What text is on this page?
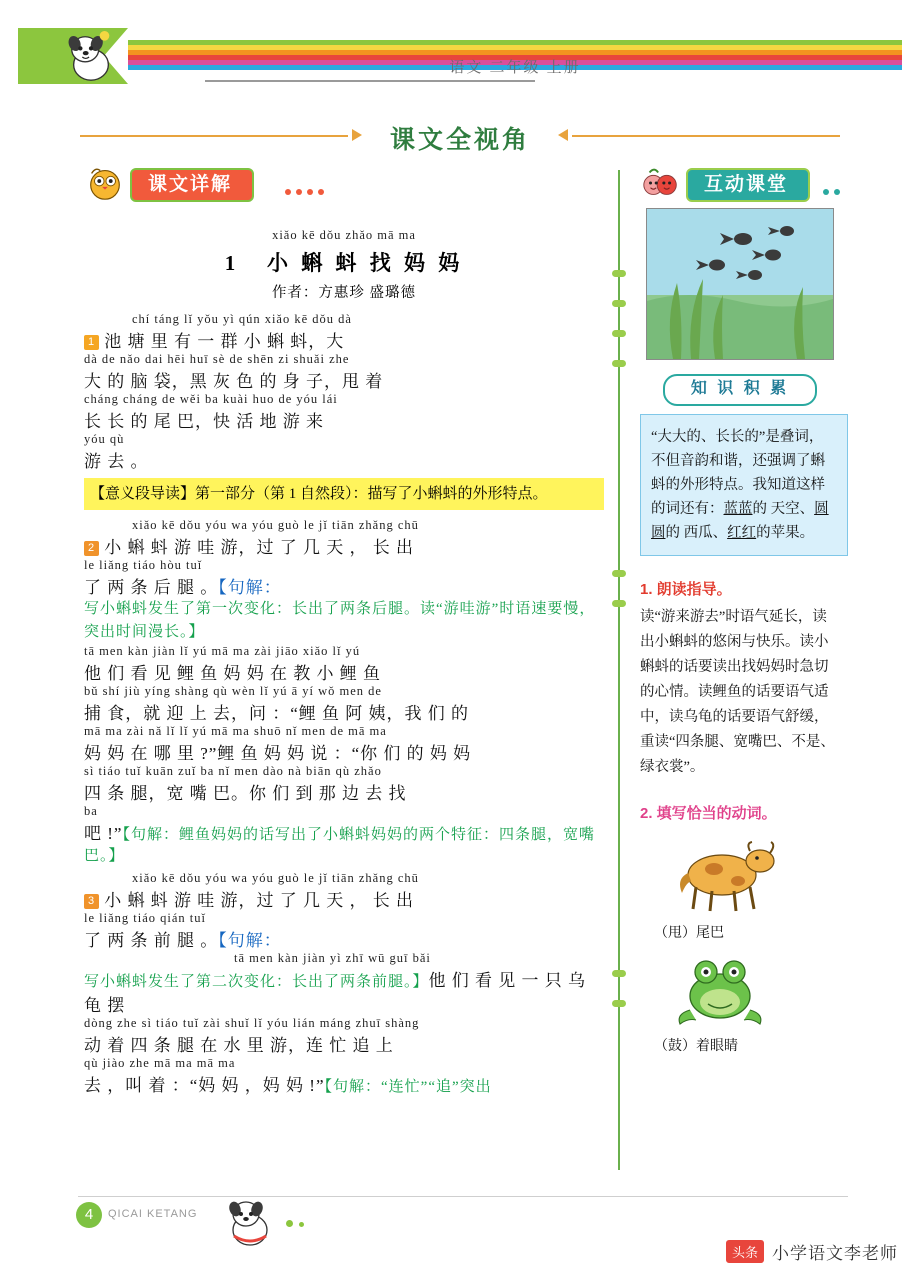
语文 二年级 上册
课文全视角
课文详解
xiǎo kē dǒu zhǎo mā ma
1 小 蝌 蚪 找 妈 妈
作者：方惠珍 盛璐德
chí táng lǐ yǒu yì qún xiǎo kē dǒu dà
1 池 塘 里 有 一 群 小 蝌 蚪，大
dà de nǎo dai hēi huī sè de shēn zi shuǎi zhe
大 的 脑 袋，黑 灰 色 的 身 子，甩 着
cháng cháng de wěi ba kuài huo de yóu lái
长 长 的 尾 巴，快 活 地 游 来
yóu qù
游 去 。
【意义段导读】第一部分（第 1 自然段）：描写了小蝌蚪的外形特点。
xiǎo kē dǒu yóu wa yóu guò le jǐ tiān zhǎng chū
2 小 蝌 蚪 游 哇 游，过 了 几 天 ， 长 出
le liǎng tiáo hòu tuǐ
了 两 条 后 腿 。【句解：
写小蝌蚪发生了第一次变化：长出了两条后腿。读“游哇游”时语速要慢，突出时间漫长。】
tā men kàn jiàn lǐ yú mā ma zài jiāo xiǎo lǐ yú
他 们 看 见 鲤 鱼 妈 妈 在 教 小 鲤 鱼
bǔ shí jiù yíng shàng qù wèn lǐ yú ā yí wǒ men de
捕 食，就 迎 上 去，问 ：“鲤 鱼 阿 姨，我 们 的
mā ma zài nǎ lǐ lǐ yú mā ma shuō nǐ men de mā ma
妈 妈 在 哪 里 ?”鲤 鱼 妈 妈 说 ：“你 们 的 妈 妈
sì tiáo tuǐ kuān zuǐ ba nǐ men dào nà biān qù zhǎo
四 条 腿，宽 嘴 巴。你 们 到 那 边 去 找
ba
吧 !”【句解：鲤鱼妈妈的话写出了小蝌蚪妈妈的两个特征：四条腿，宽嘴巴。】
xiǎo kē dǒu yóu wa yóu guò le jǐ tiān zhǎng chū
3 小 蝌 蚪 游 哇 游，过 了 几 天 ， 长 出
le liǎng tiáo qián tuǐ
了 两 条 前 腿 。【句解：
tā men kàn jiàn yì zhī wū guī bǎi
写小蝌蚪发生了第二次变化：长出了两条前腿。】他 们 看 见 一 只 乌 龟 摆
dòng zhe sì tiáo tuǐ zài shuǐ lǐ yóu lián máng zhuī shàng
动 着 四 条 腿 在 水 里 游，连 忙 追 上
qù jiào zhe mā ma mā ma
去 ，叫 着 ：“妈 妈 ，妈 妈 !”【句解：“连忙”“追”突出
互动课堂
知 识 积 累
“大大的、长长的”是叠词，不但音韵和谐，还强调了蝌蚪的外形特点。我知道这样的词还有：蓝蓝的 天空、圆圆的 西瓜、红红的苹果。
1. 朗读指导。
读“游来游去”时语气延长，读出小蝌蚪的悠闲与快乐。读小蝌蚪的话要读出找妈妈时急切的心情。读鲤鱼的话要语气适中，读乌龟的话要语气舒缓，重读“四条腿、宽嘴巴、不是、绿衣裳”。
2. 填写恰当的动词。
（甩）尾巴
（鼓）着眼睛
4	QICAI KETANG
头条 小学语文李老师
